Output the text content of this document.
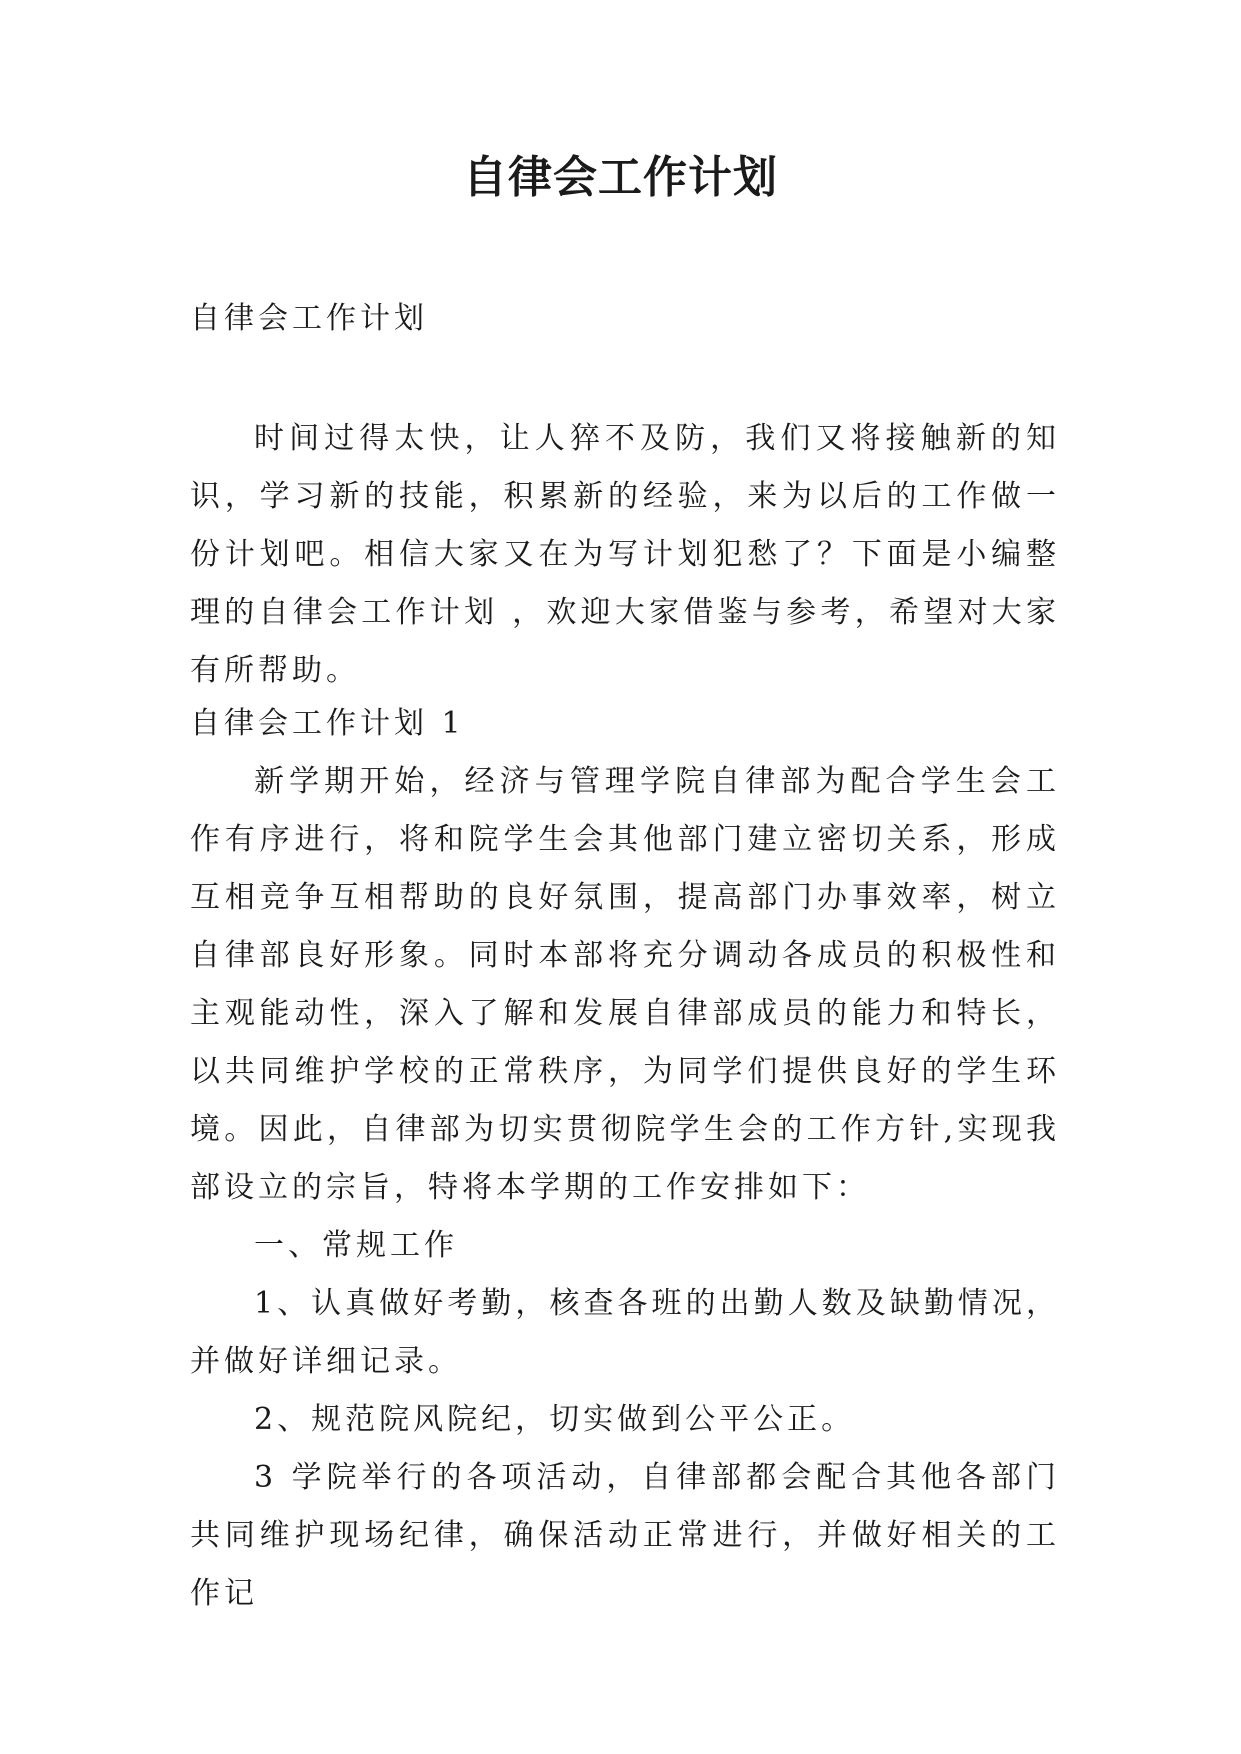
自律会工作计划

自律会工作计划

时间过得太快，让人猝不及防，我们又将接触新的知识，学习新的技能，积累新的经验，来为以后的工作做一份计划吧。相信大家又在为写计划犯愁了？下面是小编整理的自律会工作计划 ，欢迎大家借鉴与参考，希望对大家有所帮助。

自律会工作计划 1

新学期开始，经济与管理学院自律部为配合学生会工作有序进行，将和院学生会其他部门建立密切关系，形成互相竞争互相帮助的良好氛围，提高部门办事效率，树立自律部良好形象。同时本部将充分调动各成员的积极性和主观能动性，深入了解和发展自律部成员的能力和特长，以共同维护学校的正常秩序，为同学们提供良好的学生环境。因此，自律部为切实贯彻院学生会的工作方针,实现我部设立的宗旨，特将本学期的工作安排如下：

一、常规工作

1、认真做好考勤，核查各班的出勤人数及缺勤情况，并做好详细记录。

2、规范院风院纪，切实做到公平公正。

3 学院举行的各项活动，自律部都会配合其他各部门共同维护现场纪律，确保活动正常进行，并做好相关的工作记
